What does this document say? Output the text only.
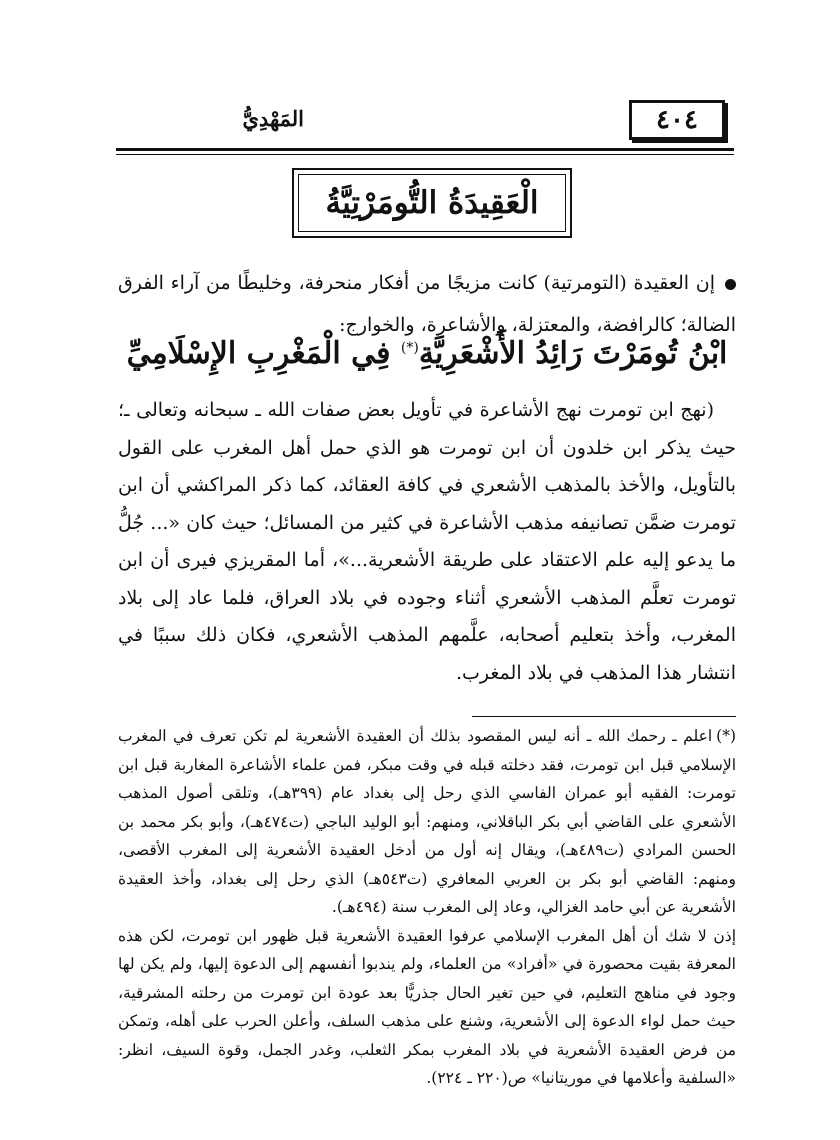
المَهْدِيُّ	٤٠٤
الْعَقِيدَةُ التُّومَرْتِيَّةُ
إن العقيدة (التومرتية) كانت مزيجًا من أفكار منحرفة، وخليطًا من آراء الفرق الضالة؛ كالرافضة، والمعتزلة، والأشاعرة، والخوارج:
ابْنُ تُومَرْتَ رَائِدُ الأَشْعَرِيَّةِ(*) فِي الْمَغْرِبِ الإِسْلَامِيِّ
(نهج ابن تومرت نهج الأشاعرة في تأويل بعض صفات الله ـ سبحانه وتعالى ـ؛ حيث يذكر ابن خلدون أن ابن تومرت هو الذي حمل أهل المغرب على القول بالتأويل، والأخذ بالمذهب الأشعري في كافة العقائد، كما ذكر المراكشي أن ابن تومرت ضمَّن تصانيفه مذهب الأشاعرة في كثير من المسائل؛ حيث كان «... جُلُّ ما يدعو إليه علم الاعتقاد على طريقة الأشعرية...»، أما المقريزي فيرى أن ابن تومرت تعلَّم المذهب الأشعري أثناء وجوده في بلاد العراق، فلما عاد إلى بلاد المغرب، وأخذ بتعليم أصحابه، علَّمهم المذهب الأشعري، فكان ذلك سببًا في انتشار هذا المذهب في بلاد المغرب.

(*)اعلم ـ رحمك الله ـ أنه ليس المقصود بذلك أن العقيدة الأشعرية لم تكن تعرف في المغرب الإسلامي قبل ابن تومرت، فقد دخلته قبله في وقت مبكر، فمن علماء الأشاعرة المغاربة قبل ابن تومرت: الفقيه أبو عمران الفاسي الذي رحل إلى بغداد عام (٣٩٩هـ)، وتلقى أصول المذهب الأشعري على القاضي أبي بكر الباقلاني، ومنهم: أبو الوليد الباجي (ت٤٧٤هـ)، وأبو بكر محمد بن الحسن المرادي (ت٤٨٩هـ)، ويقال إنه أول من أدخل العقيدة الأشعرية إلى المغرب الأقصى، ومنهم: القاضي أبو بكر بن العربي المعافري (ت٥٤٣هـ) الذي رحل إلى بغداد، وأخذ العقيدة الأشعرية عن أبي حامد الغزالي، وعاد إلى المغرب سنة (٤٩٤هـ).

إذن لا شك أن أهل المغرب الإسلامي عرفوا العقيدة الأشعرية قبل ظهور ابن تومرت، لكن هذه المعرفة بقيت محصورة في «أفراد» من العلماء، ولم يندبوا أنفسهم إلى الدعوة إليها، ولم يكن لها وجود في مناهج التعليم، في حين تغير الحال جذريًّا بعد عودة ابن تومرت من رحلته المشرقية، حيث حمل لواء الدعوة إلى الأشعرية، وشنع على مذهب السلف، وأعلن الحرب على أهله، وتمكن من فرض العقيدة الأشعرية في بلاد المغرب بمكر الثعلب، وغدر الجمل، وقوة السيف، انظر: «السلفية وأعلامها في موريتانيا» ص(٢٢٠ ـ ٢٢٤).
